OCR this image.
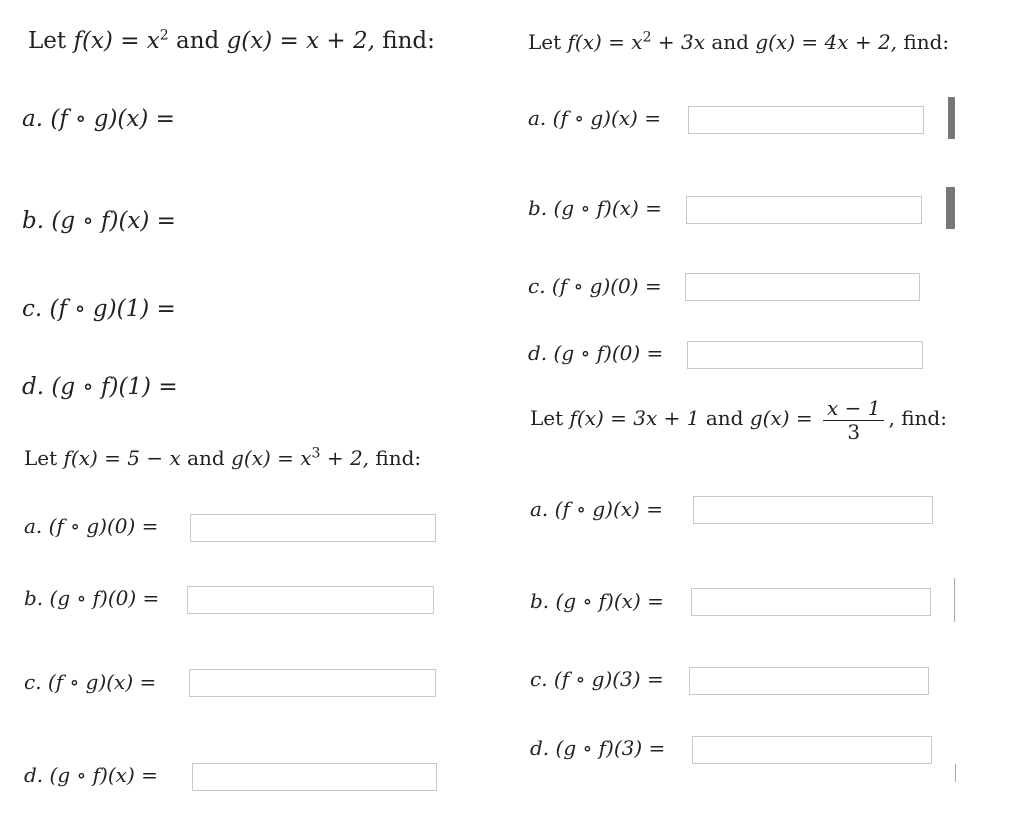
Let $f(x) = x^2$ and g(x) = x + 2, find:
a. (f ∘ g)(x) =
b. (g ∘ f)(x) =
c. (f ∘ g)(1) =
d. (g ∘ f)(1) =
Let f(x) = 5 − x and $g(x) = x^3 + 2$, find:
a. (f ∘ g)(0) =
b. (g ∘ f)(0) =
c. (f ∘ g)(x) =
d. (g ∘ f)(x) =
Let $f(x) = x^2 + 3x$ and g(x) = 4x + 2, find:
a. (f ∘ g)(x) =
b. (g ∘ f)(x) =
c. (f ∘ g)(0) =
d. (g ∘ f)(0) =
Let f(x) = 3x + 1 and $g(x) = \frac{x - 1}{3}$ , find:
a. (f ∘ g)(x) =
b. (g ∘ f)(x) =
c. (f ∘ g)(3) =
d. (g ∘ f)(3) =
